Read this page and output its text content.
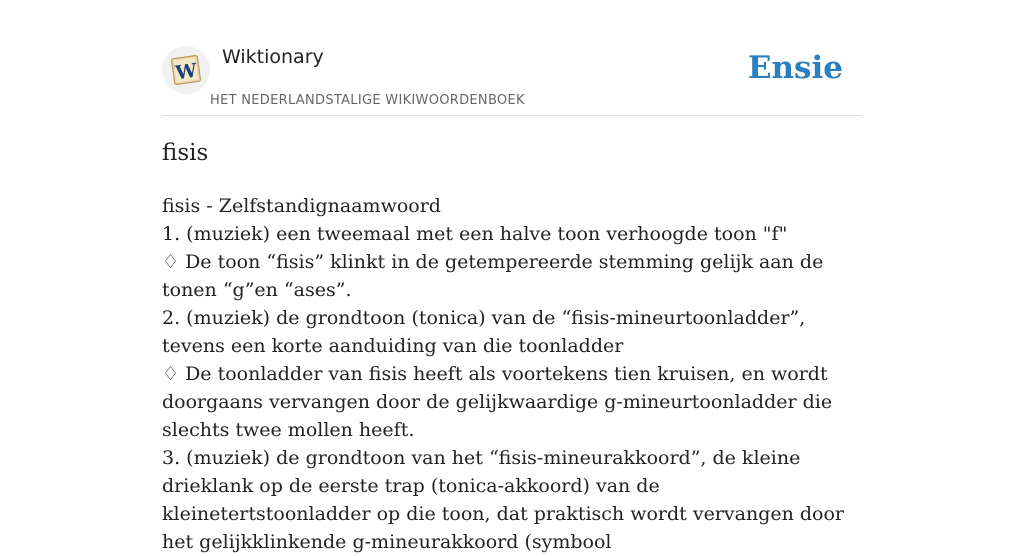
W
Wiktionary
HET NEDERLANDSTALIGE WIKIWOORDENBOEK
Ensie
fisis

fisis - Zelfstandignaamwoord

1. (muziek) een tweemaal met een halve toon verhoogde toon "f"

♢ De toon “fisis” klinkt in de getempereerde stemming gelijk aan de tonen “g”en “ases”.

2. (muziek) de grondtoon (tonica) van de “fisis-mineurtoonladder”, tevens een korte aanduiding van die toonladder

♢ De toonladder van fisis heeft als voortekens tien kruisen, en wordt doorgaans vervangen door de gelijkwaardige g-mineurtoonladder die slechts twee mollen heeft.

3. (muziek) de grondtoon van het “fisis-mineurakkoord”, de kleine drieklank op de eerste trap (tonica-akkoord) van de kleinetertstoonladder op die toon, dat praktisch wordt vervangen door het gelijkklinkende g-mineurakkoord (symbool
